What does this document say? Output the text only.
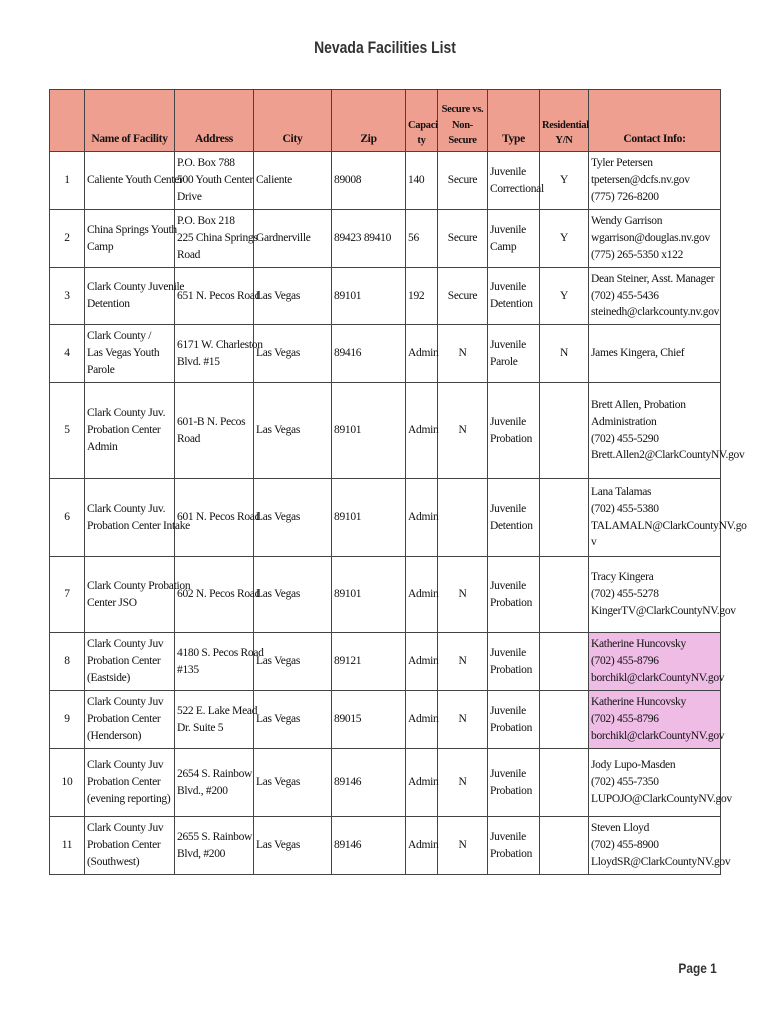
Nevada Facilities List
	Name of Facility	Address	City	Zip	Capaci ty	Secure vs. Non-Secure	Type	Residential Y/N	Contact Info:

1	Caliente Youth Center	P.O. Box 788
500 Youth Center
Drive	Caliente	89008	140	Secure	Juvenile
Correctional	Y	Tyler Petersen
tpetersen@dcfs.nv.gov
(775) 726-8200

2	China Springs Youth
Camp	P.O. Box 218
225 China Springs
Road	Gardnerville	89423 89410	56	Secure	Juvenile
Camp	Y	Wendy Garrison
wgarrison@douglas.nv.gov
(775) 265-5350 x122

3	Clark County Juvenile
Detention	651 N. Pecos Road	Las Vegas	89101	192	Secure	Juvenile
Detention	Y	Dean Steiner, Asst. Manager
(702) 455-5436
steinedh@clarkcounty.nv.gov

4	Clark County /
Las Vegas Youth
Parole	6171 W. Charleston
Blvd. #15	Las Vegas	89416	Admin	N	Juvenile
Parole	N	James Kingera, Chief

5	Clark County Juv.
Probation Center
Admin	601-B N. Pecos
Road	Las Vegas	89101	Admin	N	Juvenile
Probation		Brett Allen, Probation
Administration
(702) 455-5290
Brett.Allen2@ClarkCountyNV.gov

6	Clark County Juv.
Probation Center Intake	601 N. Pecos Road	Las Vegas	89101	Admin		Juvenile
Detention		Lana Talamas
(702) 455-5380
TALAMALN@ClarkCountyNV.go
v

7	Clark County Probation
Center JSO	602 N. Pecos Road	Las Vegas	89101	Admin	N	Juvenile
Probation		Tracy Kingera
(702) 455-5278
KingerTV@ClarkCountyNV.gov

8	Clark County Juv
Probation Center
(Eastside)	4180 S. Pecos Road
#135	Las Vegas	89121	Admin	N	Juvenile
Probation		Katherine Huncovsky
(702) 455-8796
borchikl@clarkCountyNV.gov

9	Clark County Juv
Probation Center
(Henderson)	522 E. Lake Mead
Dr. Suite 5	Las Vegas	89015	Admin	N	Juvenile
Probation		Katherine Huncovsky
(702) 455-8796
borchikl@clarkCountyNV.gov

10	Clark County Juv
Probation Center
(evening reporting)	2654 S. Rainbow
Blvd., #200	Las Vegas	89146	Admin	N	Juvenile
Probation		Jody Lupo-Masden
(702) 455-7350
LUPOJO@ClarkCountyNV.gov

11	Clark County Juv
Probation Center
(Southwest)	2655 S. Rainbow
Blvd, #200	Las Vegas	89146	Admin	N	Juvenile
Probation		Steven Lloyd
(702) 455-8900
LloydSR@ClarkCountyNV.gov
Page 1
